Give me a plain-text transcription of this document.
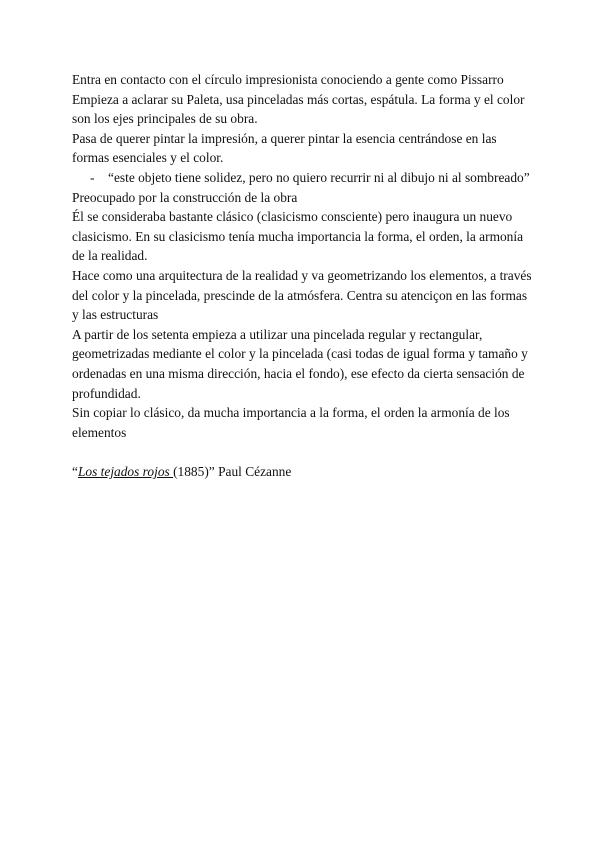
Entra en contacto con el círculo impresionista conociendo a gente como Pissarro

Empieza a aclarar su Paleta, usa pinceladas más cortas, espátula. La forma y el color son los ejes principales de su obra.

Pasa de querer pintar la impresión, a querer pintar la esencia centrándose en las formas esenciales y el color.

-	“este objeto tiene solidez, pero no quiero recurrir ni al dibujo ni al sombreado”

Preocupado por la construcción de la obra

Él se consideraba bastante clásico (clasicismo consciente) pero inaugura un nuevo clasicismo. En su clasicismo tenía mucha importancia la forma, el orden, la armonía de la realidad.

Hace como una arquitectura de la realidad y va geometrizando los elementos, a través del color y la pincelada, prescinde de la atmósfera. Centra su atenciçon en las formas y las estructuras

A partir de los setenta empieza a utilizar una pincelada regular y rectangular, geometrizadas mediante el color y la pincelada (casi todas de igual forma y tamaño y ordenadas en una misma dirección, hacia el fondo), ese efecto da cierta sensación de profundidad.

Sin copiar lo clásico, da mucha importancia a la forma, el orden la armonía de los elementos

“Los tejados rojos (1885)” Paul Cézanne
